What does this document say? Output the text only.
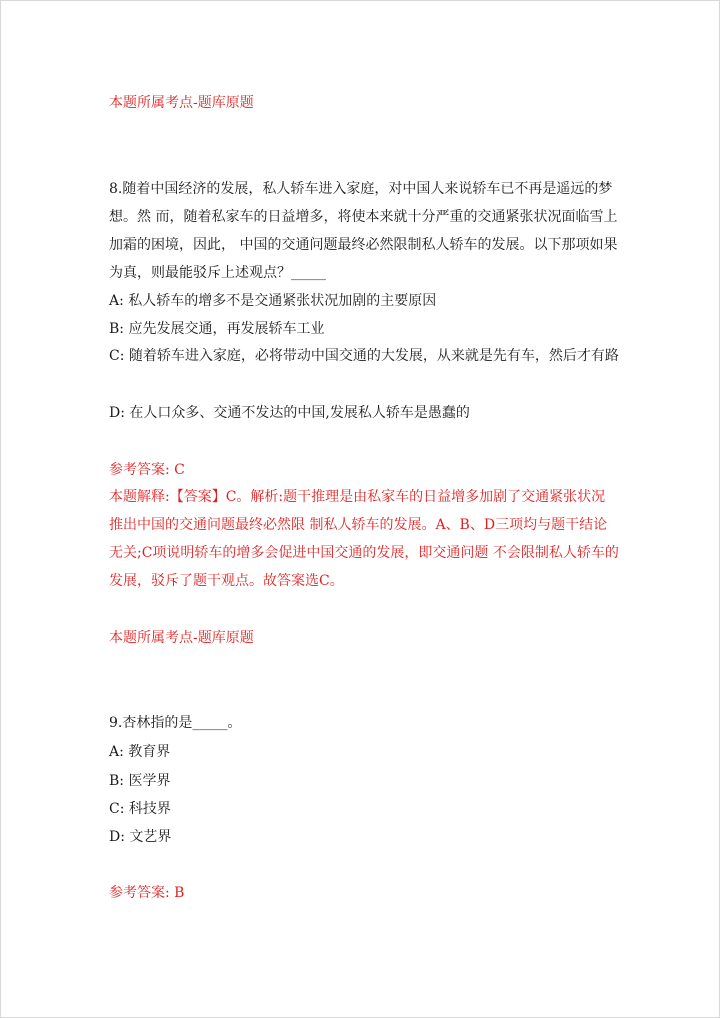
本题所属考点-题库原题
8.随着中国经济的发展，私人轿车进入家庭，对中国人来说轿车已不再是遥远的梦想。然 而，随着私家车的日益增多，将使本来就十分严重的交通紧张状况面临雪上加霜的困境，因此， 中国的交通问题最终必然限制私人轿车的发展。以下那项如果为真，则最能驳斥上述观点？_____
A: 私人轿车的增多不是交通紧张状况加剧的主要原因
B: 应先发展交通，再发展轿车工业
C: 随着轿车进入家庭，必将带动中国交通的大发展，从来就是先有车，然后才有路
D: 在人口众多、交通不发达的中国,发展私人轿车是愚蠢的
参考答案: C
本题解释:【答案】C。解析:题干推理是由私家车的日益增多加剧了交通紧张状况推出中国的交通问题最终必然限 制私人轿车的发展。A、B、D三项均与题干结论无关;C项说明轿车的增多会促进中国交通的发展，即交通问题 不会限制私人轿车的发展，驳斥了题干观点。故答案选C。
本题所属考点-题库原题
9.杏林指的是_____。
A: 教育界
B: 医学界
C: 科技界
D: 文艺界
参考答案: B
